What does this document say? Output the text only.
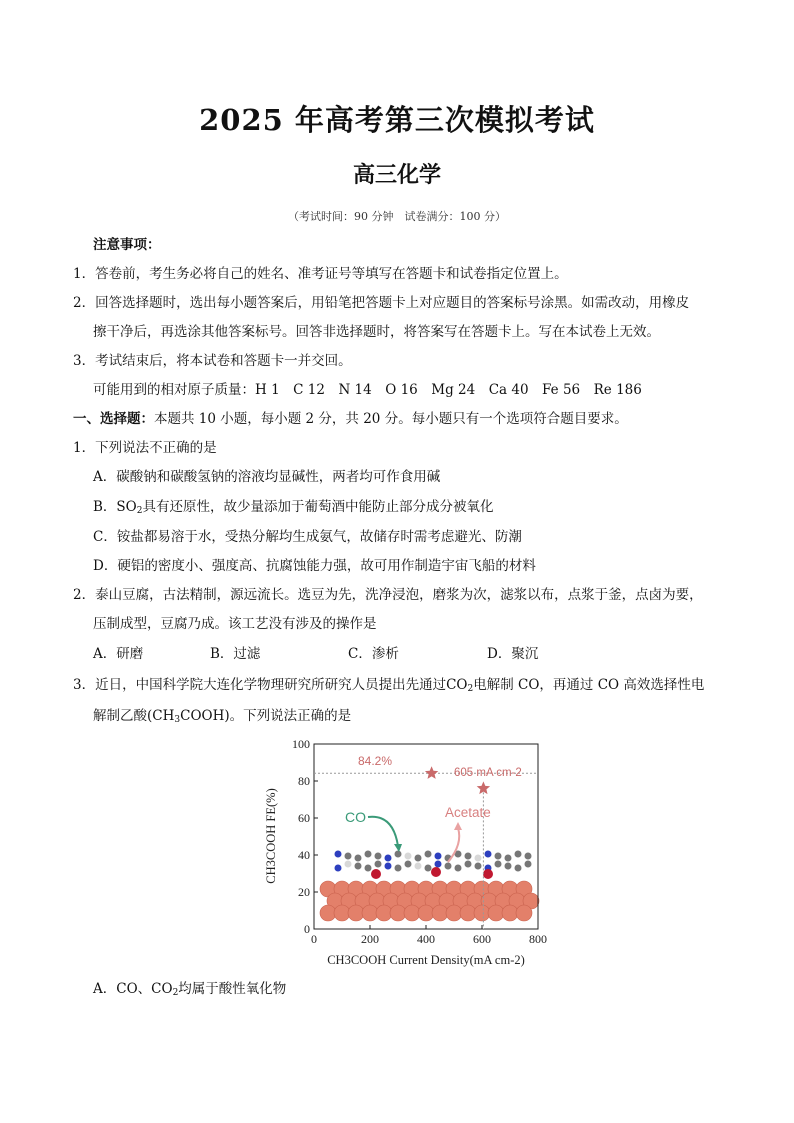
2025 年高考第三次模拟考试
高三化学
（考试时间：90 分钟　试卷满分：100 分）
注意事项：
1．答卷前，考生务必将自己的姓名、准考证号等填写在答题卡和试卷指定位置上。
2．回答选择题时，选出每小题答案后，用铅笔把答题卡上对应题目的答案标号涂黑。如需改动，用橡皮
擦干净后，再选涂其他答案标号。回答非选择题时，将答案写在答题卡上。写在本试卷上无效。
3．考试结束后，将本试卷和答题卡一并交回。
可能用到的相对原子质量：H 1　C 12　N 14　O 16　Mg 24　Ca 40　Fe 56　Re 186
一、选择题：本题共 10 小题，每小题 2 分，共 20 分。每小题只有一个选项符合题目要求。
1．下列说法不正确的是
A．碳酸钠和碳酸氢钠的溶液均显碱性，两者均可作食用碱
B．$SO_2$具有还原性，故少量添加于葡萄酒中能防止部分成分被氧化
C．铵盐都易溶于水，受热分解均生成氨气，故储存时需考虑避光、防潮
D．硬铝的密度小、强度高、抗腐蚀能力强，故可用作制造宇宙飞船的材料
2．泰山豆腐，古法精制，源远流长。选豆为先，洗净浸泡，磨浆为次，滤浆以布，点浆于釜，点卤为要，
压制成型，豆腐乃成。该工艺没有涉及的操作是
A．研磨	B．过滤	C．渗析	D．聚沉
3．近日，中国科学院大连化学物理研究所研究人员提出先通过$CO_2$电解制 CO，再通过 CO 高效选择性电
解制乙酸$(CH_3COOH)$。下列说法正确的是
0	200	400	600	800
0
20
40
60
80
100
84.2%
605 mA cm-2
CO	Acetate
CH3COOH FE(%)
CH3COOH Current Density(mA cm-2)
A．CO、$CO_2$均属于酸性氧化物
